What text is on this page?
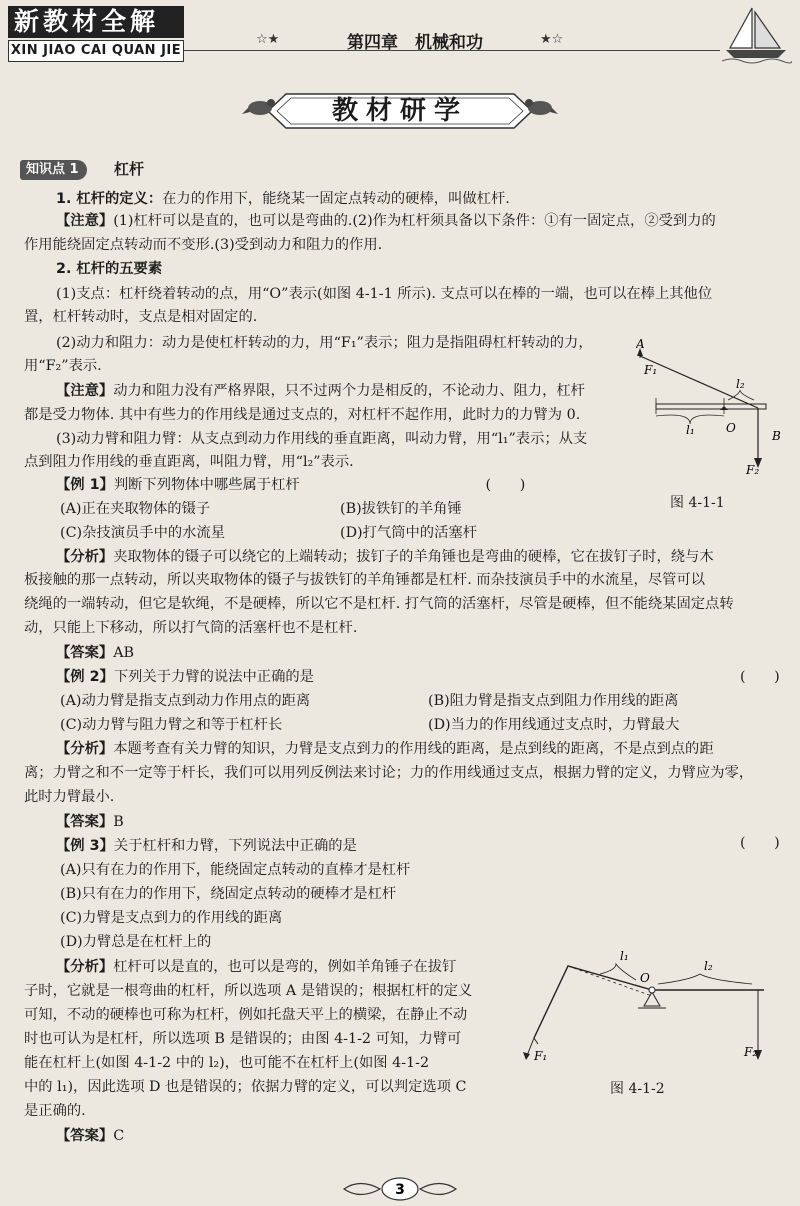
新教材全解
XIN JIAO CAI QUAN JIE
☆★	★☆
第四章　机械和功
教材研学
知识点 1 杠杆
1. 杠杆的定义：在力的作用下，能绕某一固定点转动的硬棒，叫做杠杆.
【注意】(1)杠杆可以是直的，也可以是弯曲的.(2)作为杠杆须具备以下条件：①有一固定点，②受到力的
作用能绕固定点转动而不变形.(3)受到动力和阻力的作用.
2. 杠杆的五要素
(1)支点：杠杆绕着转动的点，用“O”表示(如图 4-1-1 所示). 支点可以在棒的一端，也可以在棒上其他位
置，杠杆转动时，支点是相对固定的.
(2)动力和阻力：动力是使杠杆转动的力，用“F₁”表示；阻力是指阻碍杠杆转动的力，
用“F₂”表示.
【注意】动力和阻力没有严格界限，只不过两个力是相反的，不论动力、阻力，杠杆
都是受力物体. 其中有些力的作用线是通过支点的，对杠杆不起作用，此时力的力臂为 0.
(3)动力臂和阻力臂：从支点到动力作用线的垂直距离，叫动力臂，用“l₁”表示；从支
点到阻力作用线的垂直距离，叫阻力臂，用“l₂”表示.
【例 1】判断下列物体中哪些属于杠杆　　　　　　　　　　　　　(　　)
(A)正在夹取物体的镊子	(B)拔铁钉的羊角锤
(C)杂技演员手中的水流星	(D)打气筒中的活塞杆
【分析】夹取物体的镊子可以绕它的上端转动；拔钉子的羊角锤也是弯曲的硬棒，它在拔钉子时，绕与木
板接触的那一点转动，所以夹取物体的镊子与拔铁钉的羊角锤都是杠杆. 而杂技演员手中的水流星，尽管可以
绕绳的一端转动，但它是软绳，不是硬棒，所以它不是杠杆. 打气筒的活塞杆，尽管是硬棒，但不能绕某固定点转
动，只能上下移动，所以打气筒的活塞杆也不是杠杆.
【答案】AB
【例 2】下列关于力臂的说法中正确的是	(　　)
(A)动力臂是指支点到动力作用点的距离	(B)阻力臂是指支点到阻力作用线的距离
(C)动力臂与阻力臂之和等于杠杆长	(D)当力的作用线通过支点时，力臂最大
【分析】本题考查有关力臂的知识，力臂是支点到力的作用线的距离，是点到线的距离，不是点到点的距
离；力臂之和不一定等于杆长，我们可以用列反例法来讨论；力的作用线通过支点，根据力臂的定义，力臂应为零，
此时力臂最小.
【答案】B
【例 3】关于杠杆和力臂，下列说法中正确的是	(　　)
(A)只有在力的作用下，能绕固定点转动的直棒才是杠杆
(B)只有在力的作用下，绕固定点转动的硬棒才是杠杆
(C)力臂是支点到力的作用线的距离
(D)力臂总是在杠杆上的
【分析】杠杆可以是直的，也可以是弯的，例如羊角锤子在拔钉
子时，它就是一根弯曲的杠杆，所以选项 A 是错误的；根据杠杆的定义
可知，不动的硬棒也可称为杠杆，例如托盘天平上的横梁，在静止不动
时也可认为是杠杆，所以选项 B 是错误的；由图 4-1-2 可知，力臂可
能在杠杆上(如图 4-1-2 中的 l₂)，也可能不在杠杆上(如图 4-1-2
中的 l₁)，因此选项 D 也是错误的；依据力臂的定义，可以判定选项 C
是正确的.
【答案】C
A
F₁
l₁	O
l₂
B
F₂
图 4-1-1
l₁
O
l₂
F₁	F₂
图 4-1-2
3
